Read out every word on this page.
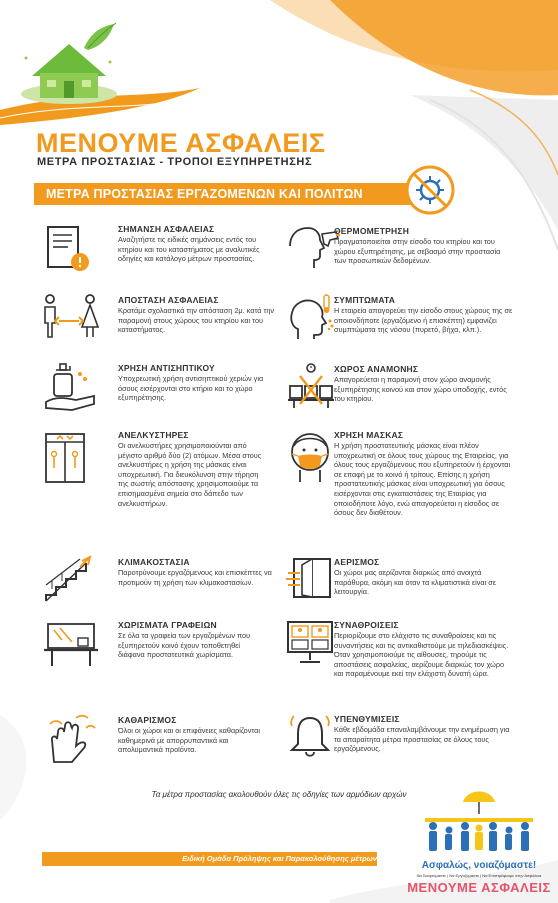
ΜΕΝΟΥΜΕ ΑΣΦΑΛΕΙΣ

ΜΕΤΡΑ ΠΡΟΣΤΑΣΙΑΣ - ΤΡΟΠΟΙ ΕΞΥΠΗΡΕΤΗΣΗΣ

ΜΕΤΡΑ ΠΡΟΣΤΑΣΙΑΣ ΕΡΓΑΖΟΜΕΝΩΝ ΚΑΙ ΠΟΛΙΤΩΝ

ΣΗΜΑΝΣΗ ΑΣΦΑΛΕΙΑΣ

Αναζητήστε τις ειδικές σημάνσεις εντός του κτηρίου και του καταστήματος με αναλυτικές οδηγίες και κατάλογο μέτρων προστασίας.

ΑΠΟΣΤΑΣΗ ΑΣΦΑΛΕΙΑΣ

Κρατάμε σχολαστικά την απόσταση 2μ. κατά την παραμονή στους χώρους του κτηρίου και του καταστήματος.

ΧΡΗΣΗ ΑΝΤΙΣΗΠΤΙΚΟΥ

Υποχρεωτική χρήση αντισηπτικού χεριών για όσους εισέρχονται στο κτήριο και το χώρο εξυπηρέτησης.

ΑΝΕΛΚΥΣΤΗΡΕΣ

Οι ανελκυστήρες χρησιμοποιούνται από μέγιστο αριθμό δύο (2) ατόμων. Μέσα στους ανελκυστήρες η χρήση της μάσκας είναι υποχρεωτική. Για διευκόλυνση στην τήρηση της σωστής απόστασης χρησιμοποιούμε τα επισημασμένα σημεία στο δάπεδο των ανελκυστήρων.

ΚΛΙΜΑΚΟΣΤΑΣΙΑ

Παροτρύνουμε εργαζόμενους και επισκέπτες να προτιμούν τη χρήση των κλιμακοστασίων.

ΧΩΡΙΣΜΑΤΑ ΓΡΑΦΕΙΩΝ

Σε όλα τα γραφεία των εργαζομένων που εξυπηρετούν κοινό έχουν τοποθετηθεί διάφανα προστατευτικά χωρίσματα.

ΚΑΘΑΡΙΣΜΟΣ

Όλοι οι χώροι και οι επιφάνειες καθαρίζονται καθημερινά με απορρυπαντικά και απολυμαντικά προϊόντα.

ΘΕΡΜΟΜΕΤΡΗΣΗ

Πραγματοποιείται στην είσοδο του κτηρίου και του χώρου εξυπηρέτησης, με σεβασμό στην προστασία των προσωπικών δεδομένων.

ΣΥΜΠΤΩΜΑΤΑ

Η εταιρεία απαγορεύει την είσοδο στους χώρους της σε οποιονδήποτε (εργαζόμενο ή επισκέπτη) εμφανίζει συμπτώματα της νόσου (πυρετό, βήχα, κλπ.).

ΧΩΡΟΣ ΑΝΑΜΟΝΗΣ

Απαγορεύεται η παραμονή στον χώρο αναμονής εξυπηρέτησης κοινού και στον χώρο υποδοχής, εντός του κτηρίου.

ΧΡΗΣΗ ΜΑΣΚΑΣ

Η χρήση προστατευτικής μάσκας είναι πλέον υποχρεωτική σε όλους τους χώρους της Εταιρείας, για όλους τους εργαζόμενους που εξυπηρετούν ή έρχονται σε επαφή με το κοινό ή τρίτους. Επίσης η χρήση προστατευτικής μάσκας είναι υποχρεωτική για όσους εισέρχονται στις εγκαταστάσεις της Εταιρίας για οποιοδήποτε λόγο, ενώ απαγορεύεται η είσοδος σε όσους δεν διαθέτουν.

ΑΕΡΙΣΜΟΣ

Οι χώροι μας αερίζονται διαρκώς από ανοιχτά παράθυρα, ακόμη και όταν τα κλιματιστικά είναι σε λειτουργία.

ΣΥΝΑΘΡΟΙΣΕΙΣ

Περιορίζουμε στο ελάχιστο τις συναθροίσεις και τις συναντήσεις και τις αντικαθιστούμε με τηλεδιασκέψεις. Όταν χρησιμοποιούμε τις αίθουσες, τηρούμε τις αποστάσεις ασφαλείας, αερίζουμε διαρκώς τον χώρο και παραμένουμε εκεί την ελάχιστη δυνατή ώρα.

ΥΠΕΝΘΥΜΙΣΕΙΣ

Κάθε εβδομάδα επαναλαμβάνουμε την ενημέρωση για τα απαραίτητα μέτρα προστασίας σε όλους τους εργαζόμενους.

Τα μέτρα προστασίας ακολουθούν όλες τις οδηγίες των αρμόδιων αρχών
Ειδική Ομάδα Πρόληψης και Παρακολούθησης μέτρων
Ασφαλώς, νοιαζόμαστε!
Να Σκεφτόμαστε | Να Εργαζόμαστε | Να Επιστρέφουμε στην Ασφάλεια
ΜΕΝΟΥΜΕ ΑΣΦΑΛΕΙΣ
